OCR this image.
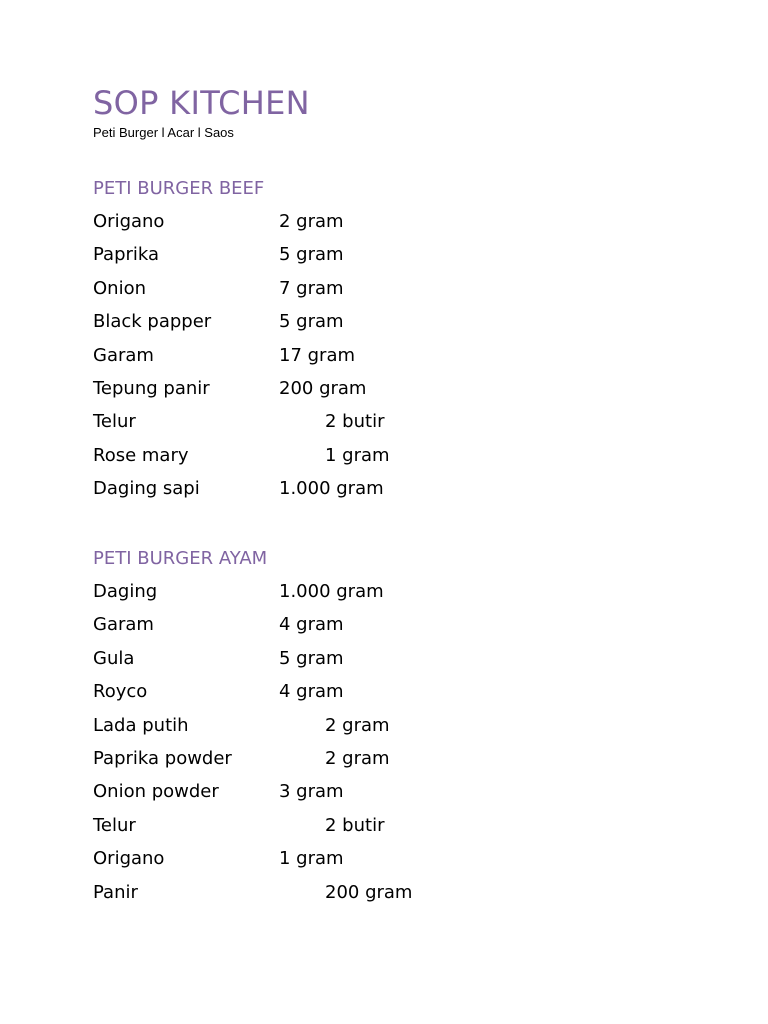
SOP KITCHEN
Peti Burger l Acar l Saos
PETI BURGER BEEF
Origano	2 gram
Paprika	5 gram
Onion	7 gram
Black papper	5 gram
Garam	17 gram
Tepung panir	200 gram
Telur	2 butir
Rose mary	1 gram
Daging sapi	1.000 gram
PETI BURGER AYAM
Daging	1.000 gram
Garam	4 gram
Gula	5 gram
Royco	4 gram
Lada putih	2 gram
Paprika powder	2 gram
Onion powder	3 gram
Telur	2 butir
Origano	1 gram
Panir	200 gram
